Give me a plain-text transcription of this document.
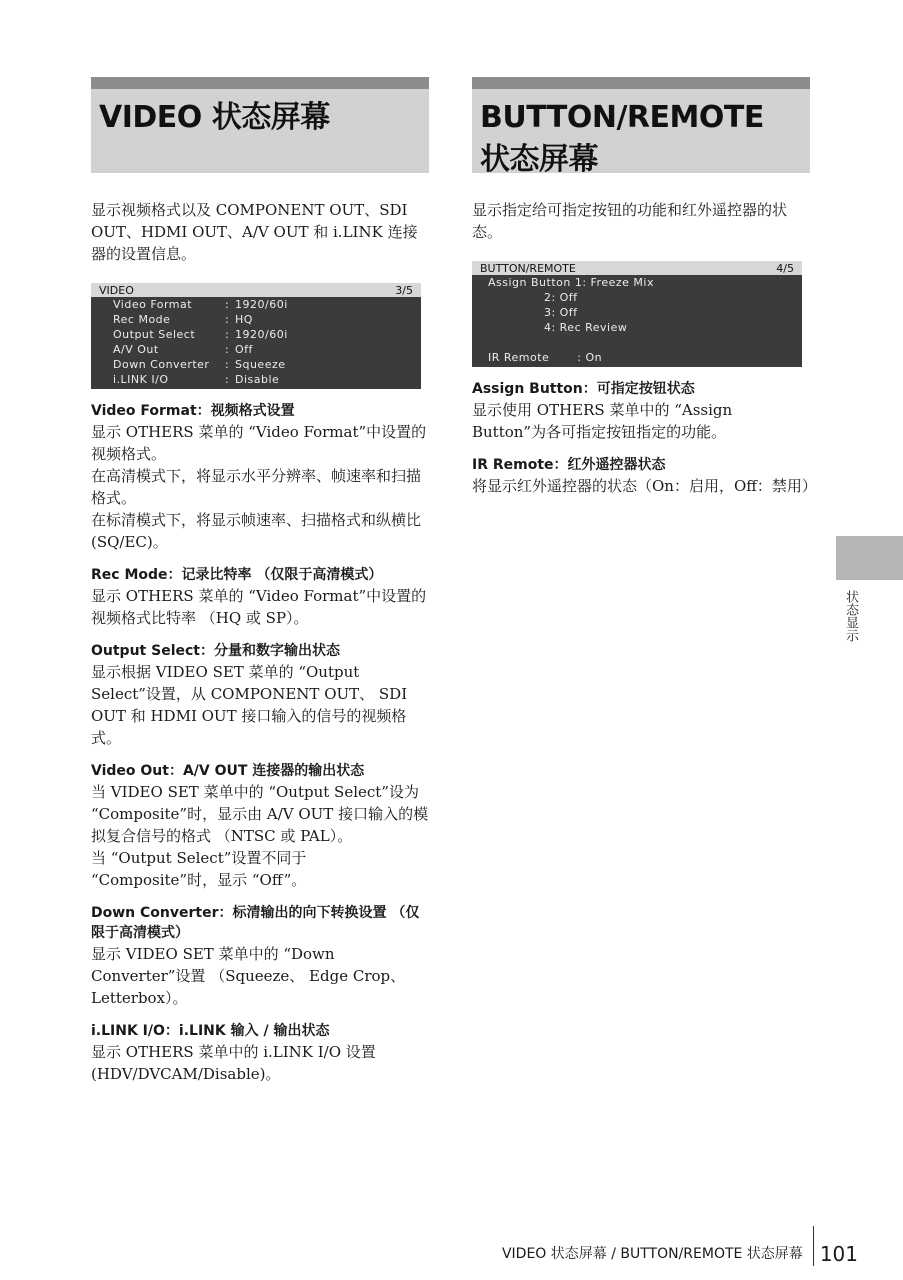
VIDEO 状态屏幕
显示视频格式以及 COMPONENT OUT、SDI OUT、HDMI OUT、A/V OUT 和 i.LINK 连接器的设置信息。
VIDEO	3/5
Video Format	: 1920/60i
Rec Mode	: HQ
Output Select	: 1920/60i
A/V Out	: Off
Down Converter	: Squeeze
i.LINK I/O	: Disable
Video Format：视频格式设置
显示 OTHERS 菜单的 “Video Format”中设置的视频格式。
在高清模式下，将显示水平分辨率、帧速率和扫描格式。
在标清模式下，将显示帧速率、扫描格式和纵横比 (SQ/EC)。
Rec Mode：记录比特率 （仅限于高清模式）
显示 OTHERS 菜单的 “Video Format”中设置的视频格式比特率 （HQ 或 SP）。
Output Select：分量和数字输出状态
显示根据 VIDEO SET 菜单的 “Output Select”设置，从 COMPONENT OUT、 SDI OUT 和 HDMI OUT 接口输入的信号的视频格式。
Video Out：A/V OUT 连接器的输出状态
当 VIDEO SET 菜单中的 “Output Select”设为 “Composite”时，显示由 A/V OUT 接口输入的模拟复合信号的格式 （NTSC 或 PAL）。
当 “Output Select”设置不同于 “Composite”时，显示 “Off”。
Down Converter：标清输出的向下转换设置 （仅限于高清模式）
显示 VIDEO SET 菜单中的 “Down Converter”设置 （Squeeze、 Edge Crop、Letterbox）。
i.LINK I/O：i.LINK 输入 / 输出状态
显示 OTHERS 菜单中的 i.LINK I/O 设置 (HDV/DVCAM/Disable)。
BUTTON/REMOTE 状态屏幕
显示指定给可指定按钮的功能和红外遥控器的状态。
BUTTON/REMOTE	4/5
Assign Button 1: Freeze Mix
2: Off
3: Off
4: Rec Review
IR Remote       : On
Assign Button：可指定按钮状态
显示使用 OTHERS 菜单中的 “Assign Button”为各可指定按钮指定的功能。
IR Remote：红外遥控器状态
将显示红外遥控器的状态（On：启用，Off：禁用）
状态显示
VIDEO 状态屏幕 / BUTTON/REMOTE 状态屏幕 101
